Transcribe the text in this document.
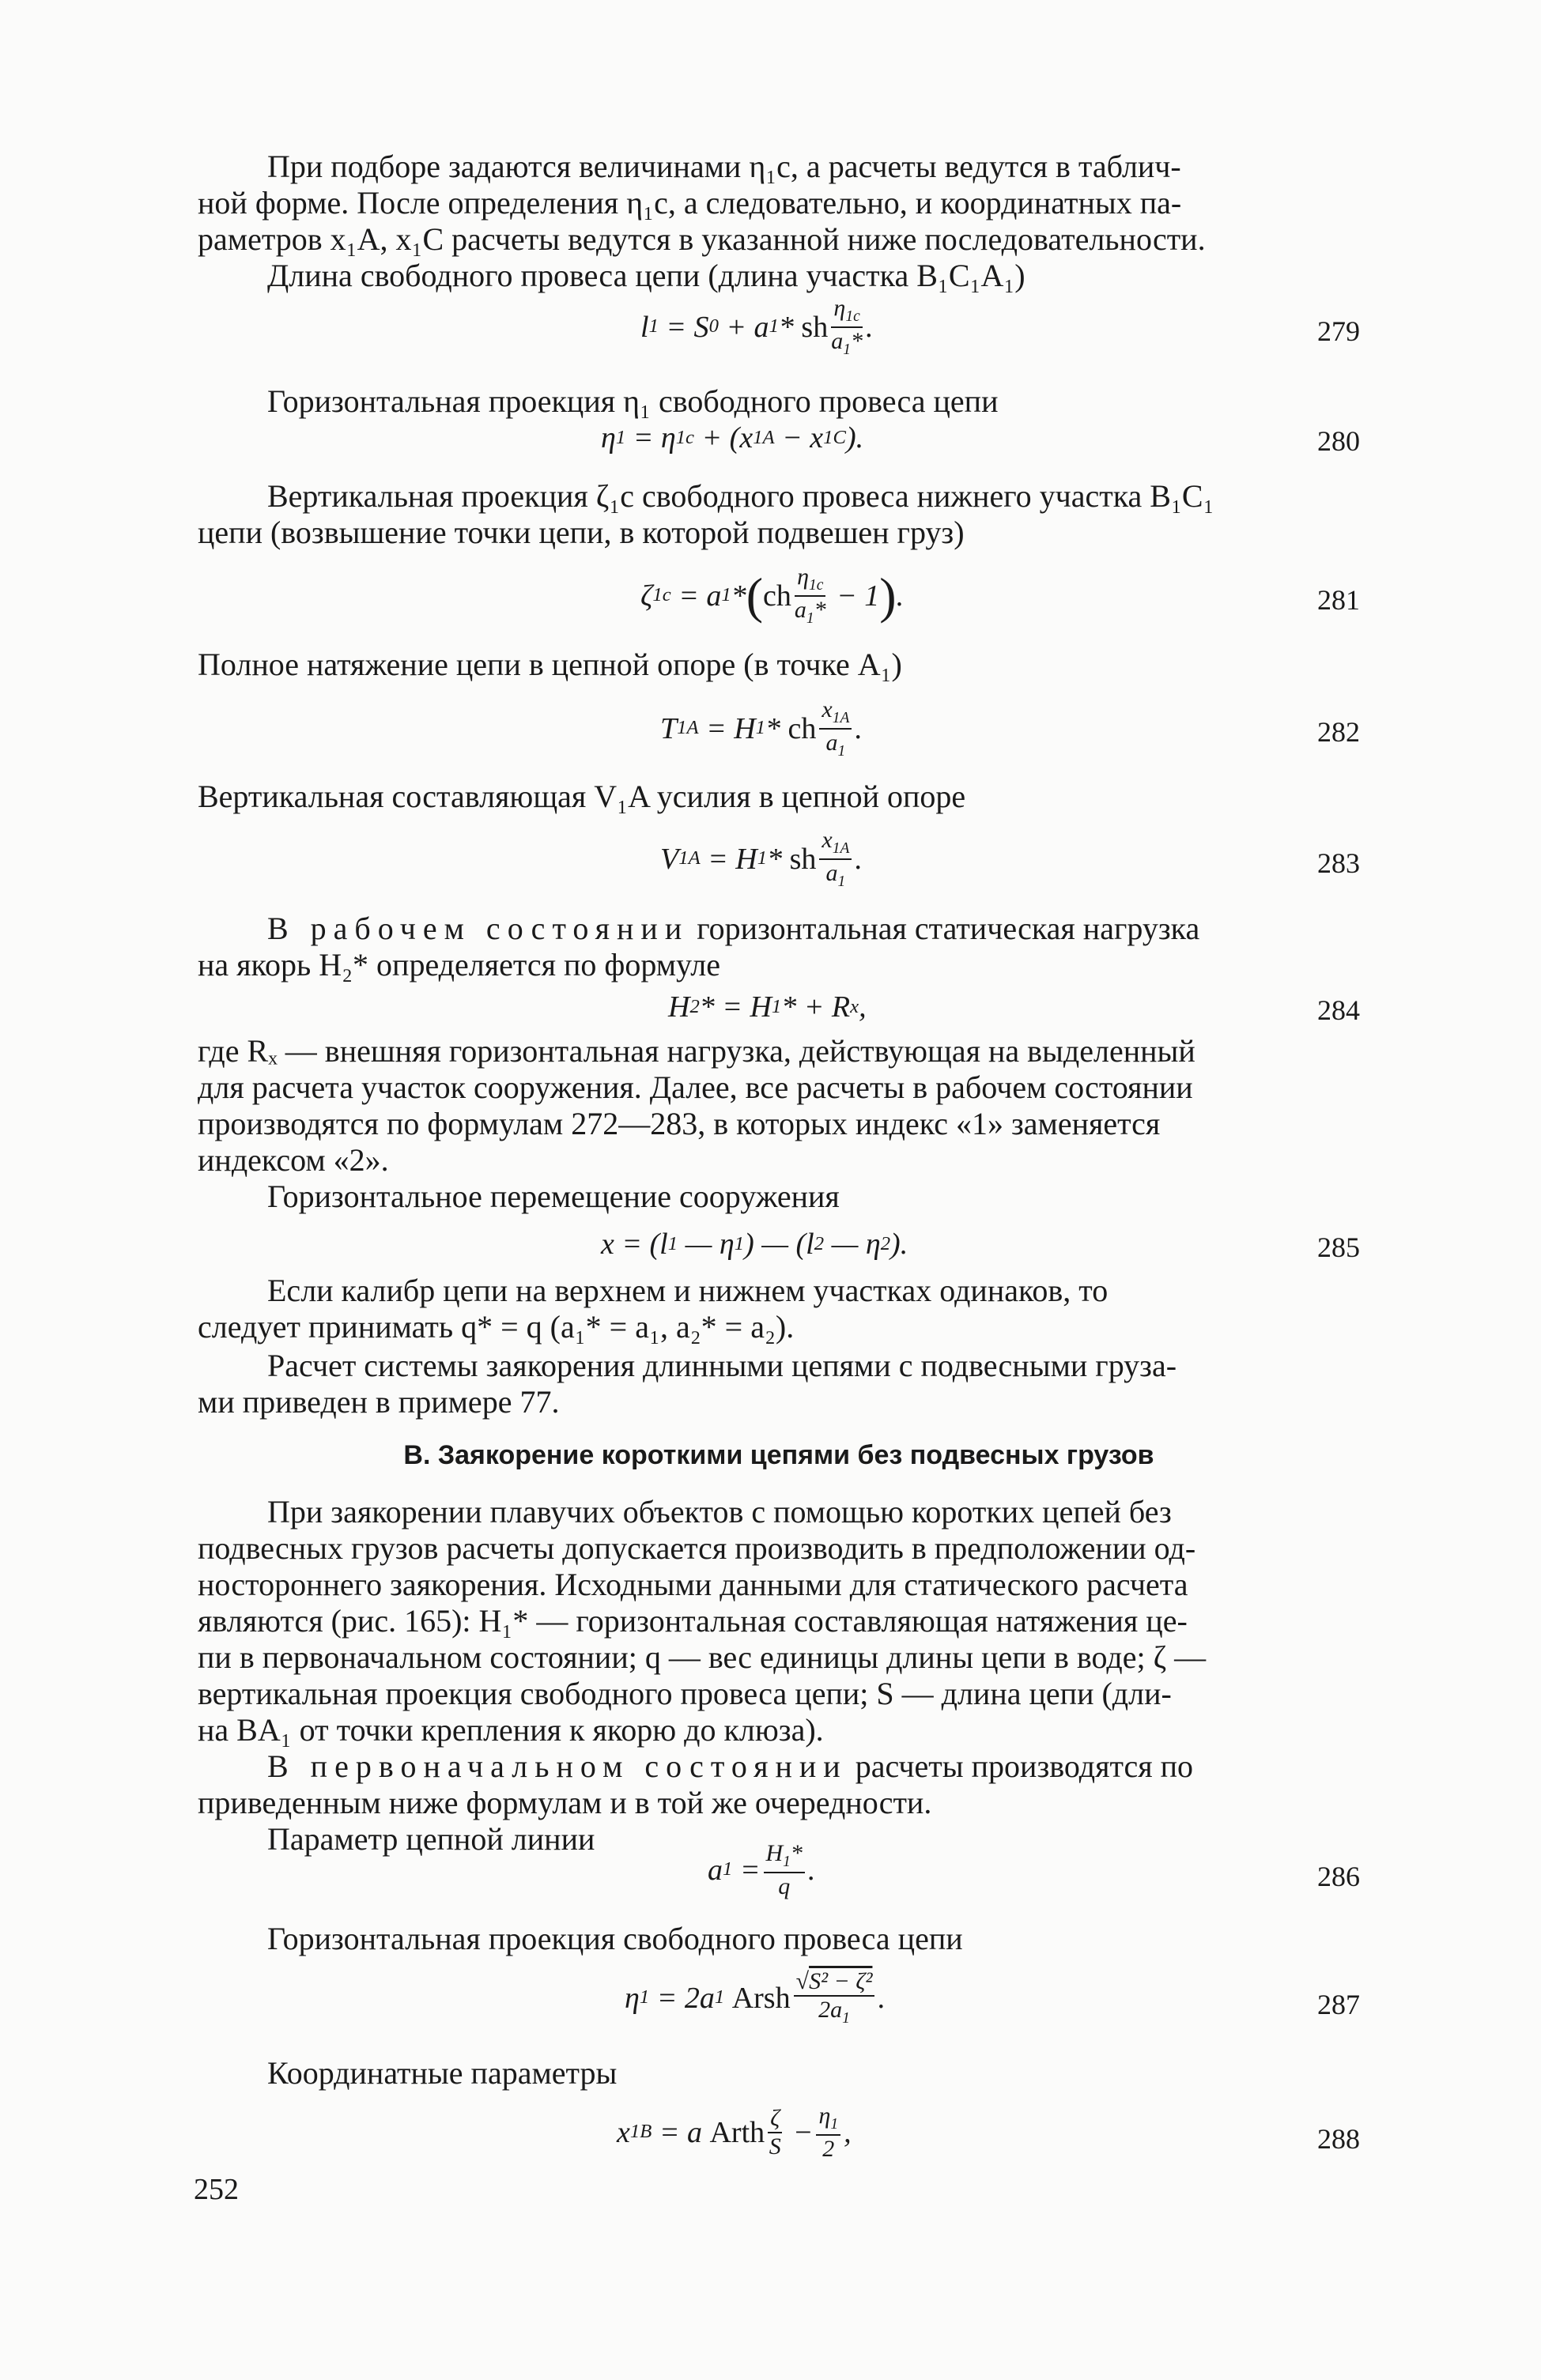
При подборе задаются величинами η₁c, а расчеты ведутся в таблич-
ной форме. После определения η₁c, а следовательно, и координатных па-
раметров x₁A, x₁C расчеты ведутся в указанной ниже последовательности.
Длина свободного провеса цепи (длина участка B₁C₁A₁)
l 1 = S 0 + a 1 * sh $\frac{\eta_{1c}}{a_1*}$ .	279
Горизонтальная проекция η₁ свободного провеса цепи
η 1 = η 1c + (x 1A − x 1C ).	280
Вертикальная проекция ζ₁c свободного провеса нижнего участка B₁C₁
цепи (возвышение точки цепи, в которой подвешен груз)
ζ 1c = a 1 * ( ch $\frac{\eta_{1c}}{a_1*} - 1$ ) .	281
Полное натяжение цепи в цепной опоре (в точке A₁)
T 1A = H 1 * ch $\frac{x_{1A}}{a_1}$ .	282
Вертикальная составляющая V₁A усилия в цепной опоре
V 1A = H 1 * sh $\frac{x_{1A}}{a_1}$ .	283
В рабочем состоянии горизонтальная статическая нагрузка
на якорь H₂* определяется по формуле
H 2 * = H 1 * + R x ,	284
где Rₓ — внешняя горизонтальная нагрузка, действующая на выделенный
для расчета участок сооружения. Далее, все расчеты в рабочем состоянии
производятся по формулам 272—283, в которых индекс «1» заменяется
индексом «2».
Горизонтальное перемещение сооружения
x = (l 1 — η 1 ) — (l 2 — η 2 ).	285
Если калибр цепи на верхнем и нижнем участках одинаков, то
следует принимать q* = q (a₁* = a₁, a₂* = a₂).
Расчет системы заякорения длинными цепями с подвесными груза-
ми приведен в примере 77.
В. Заякорение короткими цепями без подвесных грузов
При заякорении плавучих объектов с помощью коротких цепей без
подвесных грузов расчеты допускается производить в предположении од-
ностороннего заякорения. Исходными данными для статического расчета
являются (рис. 165): H₁* — горизонтальная составляющая натяжения це-
пи в первоначальном состоянии; q — вес единицы длины цепи в воде; ζ —
вертикальная проекция свободного провеса цепи; S — длина цепи (дли-
на BA₁ от точки крепления к якорю до клюза).
В первоначальном состоянии расчеты производятся по
приведенным ниже формулам и в той же очередности.
Параметр цепной линии
a $1 = \frac{H_1*}{q}$ .	286
Горизонтальная проекция свободного провеса цепи
η 1 = 2a 1
Arsh $\frac{\text{√S² − ζ²}}{2a_1}$ .	287
Координатные параметры
x 1B = a Arth $\frac{\zeta}{S} - \frac{\eta_1}{2}$ ,	288
252
